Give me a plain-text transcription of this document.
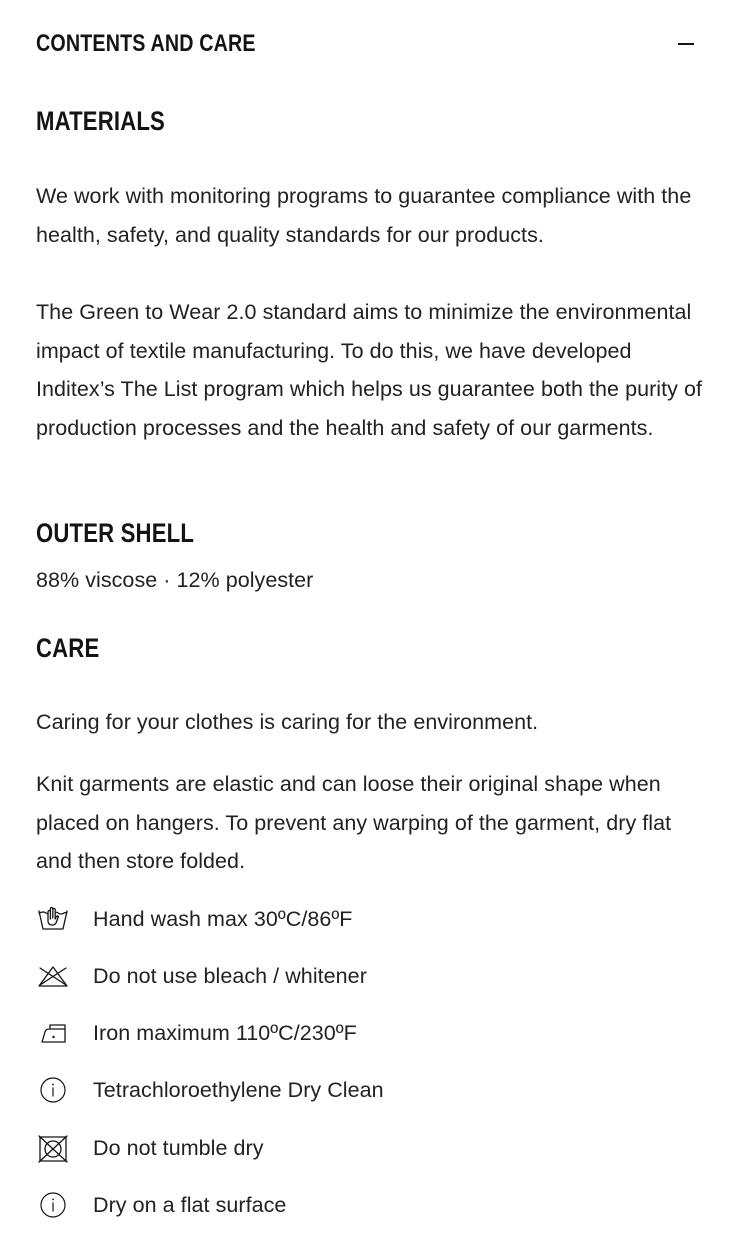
CONTENTS AND CARE
MATERIALS

We work with monitoring programs to guarantee compliance with the health, safety, and quality standards for our products.

The Green to Wear 2.0 standard aims to minimize the environmental impact of textile manufacturing. To do this, we have developed Inditex’s The List program which helps us guarantee both the purity of production processes and the health and safety of our garments.

OUTER SHELL

88% viscose · 12% polyester

CARE

Caring for your clothes is caring for the environment.

Knit garments are elastic and can loose their original shape when placed on hangers. To prevent any warping of the garment, dry flat and then store folded.

Hand wash max 30ºC/86ºF
Do not use bleach / whitener
Iron maximum 110ºC/230ºF
Tetrachloroethylene Dry Clean
Do not tumble dry
Dry on a flat surface
